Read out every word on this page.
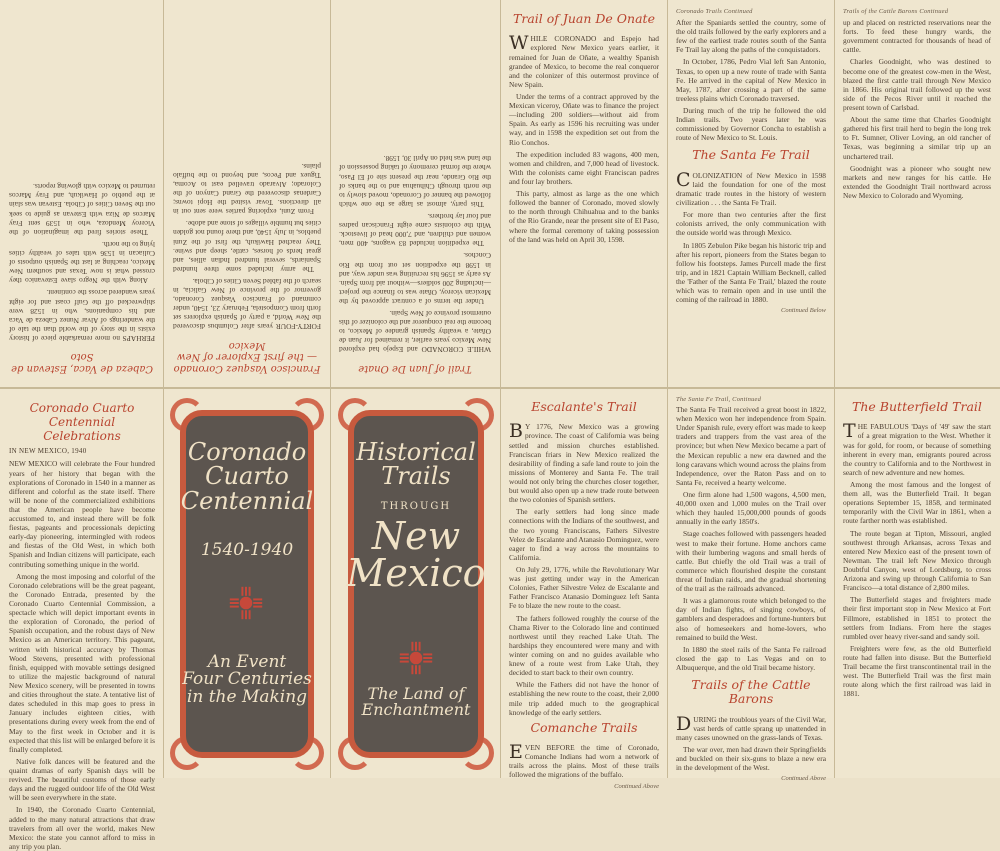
Cabeza de Vaca, Estevan de Soto

PERHAPS no more remarkable piece of history exists in the story of the world than the tale of the wanderings of Alvar Nunez Cabeza de Vaca and his companions, who in 1528 were shipwrecked off the Gulf coast and for eight years wandered across the continent.

Along with the Negro slave Estevanico they crossed what is now Texas and southern New Mexico, reaching at last the Spanish outposts of Culiacan in 1536 with tales of wealthy cities lying to the north.

These stories fired the imagination of the Viceroy Mendoza, who in 1539 sent Fray Marcos de Niza with Estevan as guide to seek out the Seven Cities of Cibola. Estevan was slain at the pueblo of Hawikuh, and Fray Marcos returned to Mexico with glowing reports.

Francisco Vasquez Coronado — the first Explorer of New Mexico

FORTY-FOUR years after Columbus discovered the New World, a party of Spanish explorers set forth from Compostela, February 23, 1540, under command of Francisco Vasquez Coronado, governor of the province of New Galicia, in search of the fabled Seven Cities of Cibola.

The army included some three hundred Spaniards, several hundred Indian allies, and great herds of horses, cattle, sheep and swine. They reached Hawikuh, the first of the Zuni pueblos, in July 1540, and there found not golden cities but humble villages of stone and adobe.

From Zuni, exploring parties were sent out in all directions. Tovar visited the Hopi towns; Cardenas discovered the Grand Canyon of the Colorado; Alvarado travelled east to Acoma, Tiguex and Pecos, and beyond to the buffalo plains.

Trail of Juan De Onate

WHILE CORONADO and Espejo had explored New Mexico years earlier, it remained for Juan de Oñate, a wealthy Spanish grandee of Mexico, to become the real conqueror and the colonizer of this outermost province of New Spain.

Under the terms of a contract approved by the Mexican viceroy, Oñate was to finance the project—including 200 soldiers—without aid from Spain. As early as 1596 his recruiting was under way, and in 1598 the expedition set out from the Rio Conchos.

The expedition included 83 wagons, 400 men, women and children, and 7,000 head of livestock. With the colonists came eight Franciscan padres and four lay brothers.

This party, almost as large as the one which followed the banner of Coronado, moved slowly to the north through Chihuahua and to the banks of the Rio Grande, near the present site of El Paso, where the formal ceremony of taking possession of the land was held on April 30, 1598.

Trail of Juan De Onate

WHILE CORONADO and Espejo had explored New Mexico years earlier, it remained for Juan de Oñate, a wealthy Spanish grandee of Mexico, to become the real conqueror and the colonizer of this outermost province of New Spain.

Under the terms of a contract approved by the Mexican viceroy, Oñate was to finance the project—including 200 soldiers—without aid from Spain. As early as 1596 his recruiting was under way, and in 1598 the expedition set out from the Rio Conchos.

The expedition included 83 wagons, 400 men, women and children, and 7,000 head of livestock. With the colonists came eight Franciscan padres and four lay brothers.

This party, almost as large as the one which followed the banner of Coronado, moved slowly to the north through Chihuahua and to the banks of the Rio Grande, near the present site of El Paso, where the formal ceremony of taking possession of the land was held on April 30, 1598.

Coronado Trails Continued

After the Spaniards settled the country, some of the old trails followed by the early explorers and a few of the earliest trade routes south of the Santa Fe Trail lay along the paths of the conquistadors.

In October, 1786, Pedro Vial left San Antonio, Texas, to open up a new route of trade with Santa Fe. He arrived in the capital of New Mexico in May, 1787, after crossing a part of the same treeless plains which Coronado traversed.

During much of the trip he followed the old Indian trails. Two years later he was commissioned by Governor Concha to establish a route of New Mexico to St. Louis.

The Santa Fe Trail

COLONIZATION of New Mexico in 1598 laid the foundation for one of the most dramatic trade routes in the history of western civilization . . . the Santa Fe Trail.

For more than two centuries after the first colonists arrived, the only communication with the outside world was through Mexico.

In 1805 Zebulon Pike began his historic trip and after his report, pioneers from the States began to follow his footsteps. James Purcell made the first trip, and in 1821 Captain William Becknell, called the 'Father of the Santa Fe Trail,' blazed the route which was to remain open and in use until the coming of the railroad in 1880.

Continued Below
Trails of the Cattle Barons Continued

up and placed on restricted reservations near the forts. To feed these hungry wards, the government contracted for thousands of head of cattle.

Charles Goodnight, who was destined to become one of the greatest cow-men in the West, blazed the first cattle trail through New Mexico in 1866. His original trail followed up the west side of the Pecos River until it reached the present town of Carlsbad.

About the same time that Charles Goodnight gathered his first trail herd to begin the long trek to Ft. Sumner, Oliver Loving, an old rancher of Texas, was beginning a similar trip up an unchartered trail.

Goodnight was a pioneer who sought new markets and new ranges for his cattle. He extended the Goodnight Trail northward across New Mexico to Colorado and Wyoming.

Coronado Cuarto Centennial Celebrations
IN NEW MEXICO, 1940

NEW MEXICO will celebrate the Four hundred years of her history that began with the explorations of Coronado in 1540 in a manner as different and colorful as the state itself. There will be none of the commercialized exhibitions that the American people have become accustomed to, and instead there will be folk fiestas, pageants and processionals depicting early-day pioneering, intermingled with rodeos and fiestas of the Old West, in which both Spanish and Indian citizens will participate, each contributing something unique in the world.

Among the most imposing and colorful of the Coronado celebrations will be the great pageant, the Coronado Entrada, presented by the Coronado Cuarto Centennial Commission, a spectacle which will depict important events in the exploration of Coronado, the period of Spanish occupation, and the robust days of New Mexico as an American territory. This pageant, written with historical accuracy by Thomas Wood Stevens, presented with professional finish, equipped with movable settings designed to utilize the majestic background of natural New Mexico scenery, will be presented in towns and cities throughout the state. A tentative list of dates scheduled in this map goes to press in January includes eighteen cities, with presentations during every week from the end of May to the first week in October and it is expected that this list will be enlarged before it is finally completed.

Native folk dances will be featured and the quaint dramas of early Spanish days will be revived. The beautiful customs of those early days and the rugged outdoor life of the Old West will be seen everywhere in the state.

In 1940, the Coronado Cuarto Centennial, added to the many natural attractions that draw travelers from all over the world, makes New Mexico: the state you cannot afford to miss in any trip you plan.

Coronado
Cuarto
Centennial
1540-1940
An Event
Four Centuries
in the Making
Historical
Trails
THROUGH
New
Mexico
The Land of
Enchantment
Escalante's Trail

B Y 1776, New Mexico was a growing province. The coast of California was being settled and mission churches established. Franciscan friars in New Mexico realized the desirability of finding a safe land route to join the missions of Monterey and Santa Fe. The trail would not only bring the churches closer together, but would also open up a new trade route between the two colonies of Spanish settlers.

The early settlers had long since made connections with the Indians of the southwest, and the two young Franciscans, Fathers Silvestre Velez de Escalante and Atanasio Dominguez, were eager to find a way across the mountains to California.

On July 29, 1776, while the Revolutionary War was just getting under way in the American Colonies, Father Silvestre Velez de Escalante and Father Francisco Atanasio Dominguez left Santa Fe to blaze the new route to the coast.

The fathers followed roughly the course of the Chama River to the Colorado line and continued northwest until they reached Lake Utah. The hardships they encountered were many and with winter coming on and no guides available who knew of a route west from Lake Utah, they decided to start back to their own country.

While the Fathers did not have the honor of establishing the new route to the coast, their 2,000 mile trip added much to the geographical knowledge of the early settlers.

Comanche Trails

EVEN BEFORE the time of Coronado, Comanche Indians had worn a network of trails across the plains. Most of these trails followed the migrations of the buffalo.

Continued Above
The Santa Fe Trail, Continued

The Santa Fe Trail received a great boost in 1822, when Mexico won her independence from Spain. Under Spanish rule, every effort was made to keep traders and trappers from the vast area of the province; but when New Mexico became a part of the Mexican republic a new era dawned and the long caravans which wound across the plains from Independence, over the Raton Pass and on to Santa Fe, received a hearty welcome.

One firm alone had 1,500 wagons, 4,500 men, 40,000 oxen and 1,000 mules on the Trail over which they hauled 15,000,000 pounds of goods annually in the early 1850's.

Stage coaches followed with passengers headed west to make their fortune. Home anchors came with their lumbering wagons and small herds of cattle. But chiefly the old Trail was a trail of commerce which flourished despite the constant threat of Indian raids, and the gradual shortening of the trail as the railroads advanced.

It was a glamorous route which belonged to the day of Indian fights, of singing cowboys, of gamblers and desperadoes and fortune-hunters but also of homeseekers and home-lovers, who remained to build the West.

In 1880 the steel rails of the Santa Fe railroad closed the gap to Las Vegas and on to Albuquerque, and the old Trail became history.

Trails of the Cattle Barons

DURING the troublous years of the Civil War, vast herds of cattle sprang up unattended in many cases unowned on the grass-lands of Texas.

The war over, men had drawn their Springfields and buckled on their six-guns to blaze a new era in the development of the West.

Continued Above
The Butterfield Trail

THE FABULOUS 'Days of '49' saw the start of a great migration to the West. Whether it was for gold, for room, or because of something inherent in every man, emigrants poured across the country to California and to the Northwest in search of new adventure and new homes.

Among the most famous and the longest of them all, was the Butterfield Trail. It began operations September 15, 1858, and terminated temporarily with the Civil War in 1861, when a route farther north was established.

The route began at Tipton, Missouri, angled southwest through Arkansas, across Texas and entered New Mexico east of the present town of Newman. The trail left New Mexico through Doubtful Canyon, west of Lordsburg, to cross Arizona and swing up through California to San Francisco—a total distance of 2,800 miles.

The Butterfield stages and freighters made their first important stop in New Mexico at Fort Fillmore, established in 1851 to protect the settlers from Indians. From here the stages rumbled over heavy river-sand and sandy soil.

Freighters were few, as the old Butterfield route had fallen into disuse. But the Butterfield Trail became the first transcontinental trail in the west. The Butterfield Trail was the first main route along which the first railroad was laid in 1881.
